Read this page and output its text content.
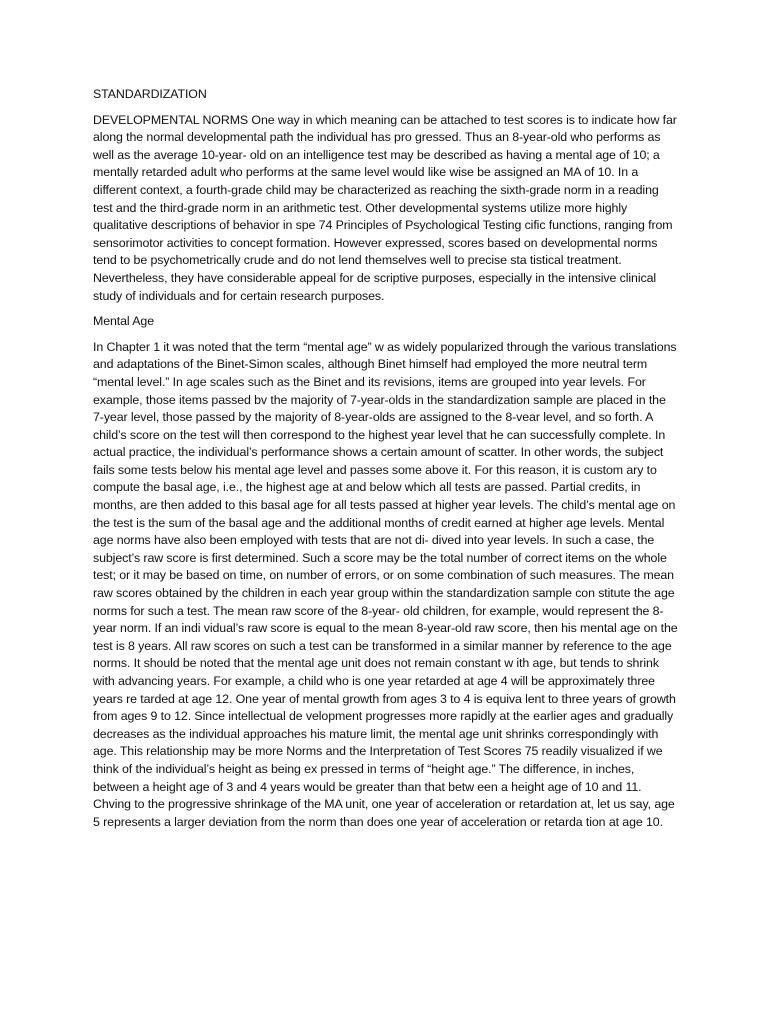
STANDARDIZATION

DEVELOPMENTAL NORMS One way in which meaning can be attached to test scores is to indicate how far along the normal developmental path the individual has pro gressed. Thus an 8-year-old who performs as well as the average 10-year- old on an intelligence test may be described as having a mental age of 10; a mentally retarded adult who performs at the same level would like wise be assigned an MA of 10. In a different context, a fourth-grade child may be characterized as reaching the sixth-grade norm in a reading test and the third-grade norm in an arithmetic test. Other developmental systems utilize more highly qualitative descriptions of behavior in spe 74 Principles of Psychological Testing cific functions, ranging from sensorimotor activities to concept formation. However expressed, scores based on developmental norms tend to be psychometrically crude and do not lend themselves well to precise sta tistical treatment. Nevertheless, they have considerable appeal for de scriptive purposes, especially in the intensive clinical study of individuals and for certain research purposes.

Mental Age

In Chapter 1 it was noted that the term “mental age” w as widely popularized through the various translations and adaptations of the Binet-Simon scales, although Binet himself had employed the more neutral term “mental level.” In age scales such as the Binet and its revisions, items are grouped into year levels. For example, those items passed bv the majority of 7-year-olds in the standardization sample are placed in the 7-year level, those passed by the majority of 8-year-olds are assigned to the 8-vear level, and so forth. A child’s score on the test will then correspond to the highest year level that he can successfully complete. In actual practice, the individual’s performance shows a certain amount of scatter. In other words, the subject fails some tests below his mental age level and passes some above it. For this reason, it is custom ary to compute the basal age, i.e., the highest age at and below which all tests are passed. Partial credits, in months, are then added to this basal age for all tests passed at higher year levels. The child’s mental age on the test is the sum of the basal age and the additional months of credit earned at higher age levels. Mental age norms have also been employed with tests that are not di- dived into year levels. In such a case, the subject’s raw score is first determined. Such a score may be the total number of correct items on the whole test; or it may be based on time, on number of errors, or on some combination of such measures. The mean raw scores obtained by the children in each year group within the standardization sample con stitute the age norms for such a test. The mean raw score of the 8-year- old children, for example, would represent the 8-year norm. If an indi vidual’s raw score is equal to the mean 8-year-old raw score, then his mental age on the test is 8 years. All raw scores on such a test can be transformed in a similar manner by reference to the age norms. It should be noted that the mental age unit does not remain constant w ith age, but tends to shrink with advancing years. For example, a child who is one year retarded at age 4 will be approximately three years re tarded at age 12. One year of mental growth from ages 3 to 4 is equiva lent to three years of growth from ages 9 to 12. Since intellectual de velopment progresses more rapidly at the earlier ages and gradually decreases as the individual approaches his mature limit, the mental age unit shrinks correspondingly with age. This relationship may be more Norms and the Interpretation of Test Scores 75 readily visualized if we think of the individual’s height as being ex pressed in terms of “height age.” The difference, in inches, between a height age of 3 and 4 years would be greater than that betw een a height age of 10 and 11. Chving to the progressive shrinkage of the MA unit, one year of acceleration or retardation at, let us say, age 5 represents a larger deviation from the norm than does one year of acceleration or retarda tion at age 10.
